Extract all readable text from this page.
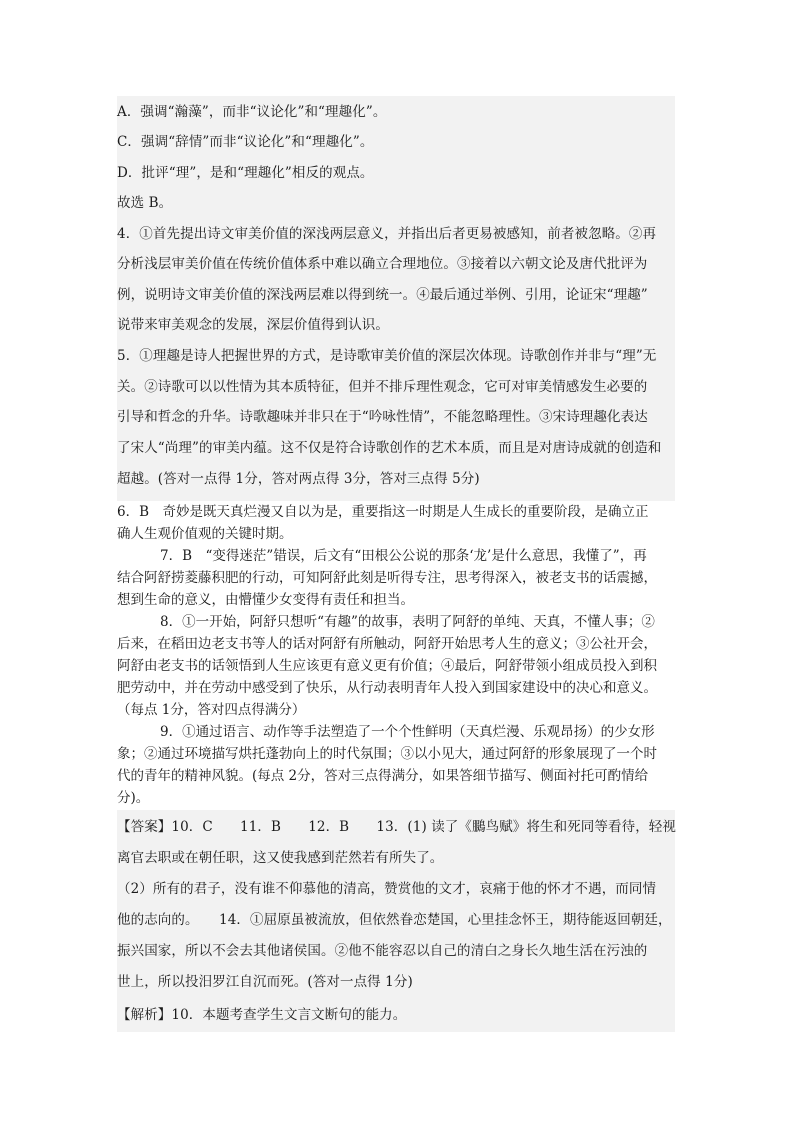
A．强调“瀚藻”，而非“议论化”和“理趣化”。
C．强调“辞情”而非“议论化”和“理趣化”。
D．批评“理”，是和“理趣化”相反的观点。
故选 B。
4．①首先提出诗文审美价值的深浅两层意义，并指出后者更易被感知，前者被忽略。②再
分析浅层审美价值在传统价值体系中难以确立合理地位。③接着以六朝文论及唐代批评为
例，说明诗文审美价值的深浅两层难以得到统一。④最后通过举例、引用，论证宋“理趣”
说带来审美观念的发展，深层价值得到认识。
5．①理趣是诗人把握世界的方式，是诗歌审美价值的深层次体现。诗歌创作并非与“理”无
关。②诗歌可以以性情为其本质特征，但并不排斥理性观念，它可对审美情感发生必要的
引导和哲念的升华。诗歌趣味并非只在于“吟咏性情”，不能忽略理性。③宋诗理趣化表达
了宋人“尚理”的审美内蕴。这不仅是符合诗歌创作的艺术本质，而且是对唐诗成就的创造和
超越。(答对一点得 1分，答对两点得 3分，答对三点得 5分)
6．B　奇妙是既天真烂漫又自以为是，重要指这一时期是人生成长的重要阶段，是确立正
确人生观价值观的关键时期。
7．B　“变得迷茫”错误，后文有“田根公公说的那条‘龙’是什么意思，我懂了”，再
结合阿舒捞菱藤积肥的行动，可知阿舒此刻是听得专注，思考得深入，被老支书的话震撼，
想到生命的意义，由懵懂少女变得有责任和担当。
8．①一开始，阿舒只想听“有趣”的故事，表明了阿舒的单纯、天真，不懂人事；②
后来，在稻田边老支书等人的话对阿舒有所触动，阿舒开始思考人生的意义；③公社开会，
阿舒由老支书的话领悟到人生应该更有意义更有价值；④最后，阿舒带领小组成员投入到积
肥劳动中，并在劳动中感受到了快乐，从行动表明青年人投入到国家建设中的决心和意义。
（每点 1分，答对四点得满分）
9．①通过语言、动作等手法塑造了一个个性鲜明（天真烂漫、乐观昂扬）的少女形
象；②通过环境描写烘托蓬勃向上的时代氛围；③以小见大，通过阿舒的形象展现了一个时
代的青年的精神风貌。(每点 2分，答对三点得满分，如果答细节描写、侧面衬托可酌情给
分)。
【答案】10．C　　11．B　　12．B　　13．(1) 读了《鵩鸟赋》将生和死同等看待，轻视
离官去职或在朝任职，这又使我感到茫然若有所失了。
（2）所有的君子，没有谁不仰慕他的清高，赞赏他的文才，哀痛于他的怀才不遇，而同情
他的志向的。　　14．①屈原虽被流放，但依然眷恋楚国，心里挂念怀王，期待能返回朝廷，
振兴国家，所以不会去其他诸侯国。②他不能容忍以自己的清白之身长久地生活在污浊的
世上，所以投汨罗江自沉而死。(答对一点得 1分)
【解析】10．本题考查学生文言文断句的能力。
